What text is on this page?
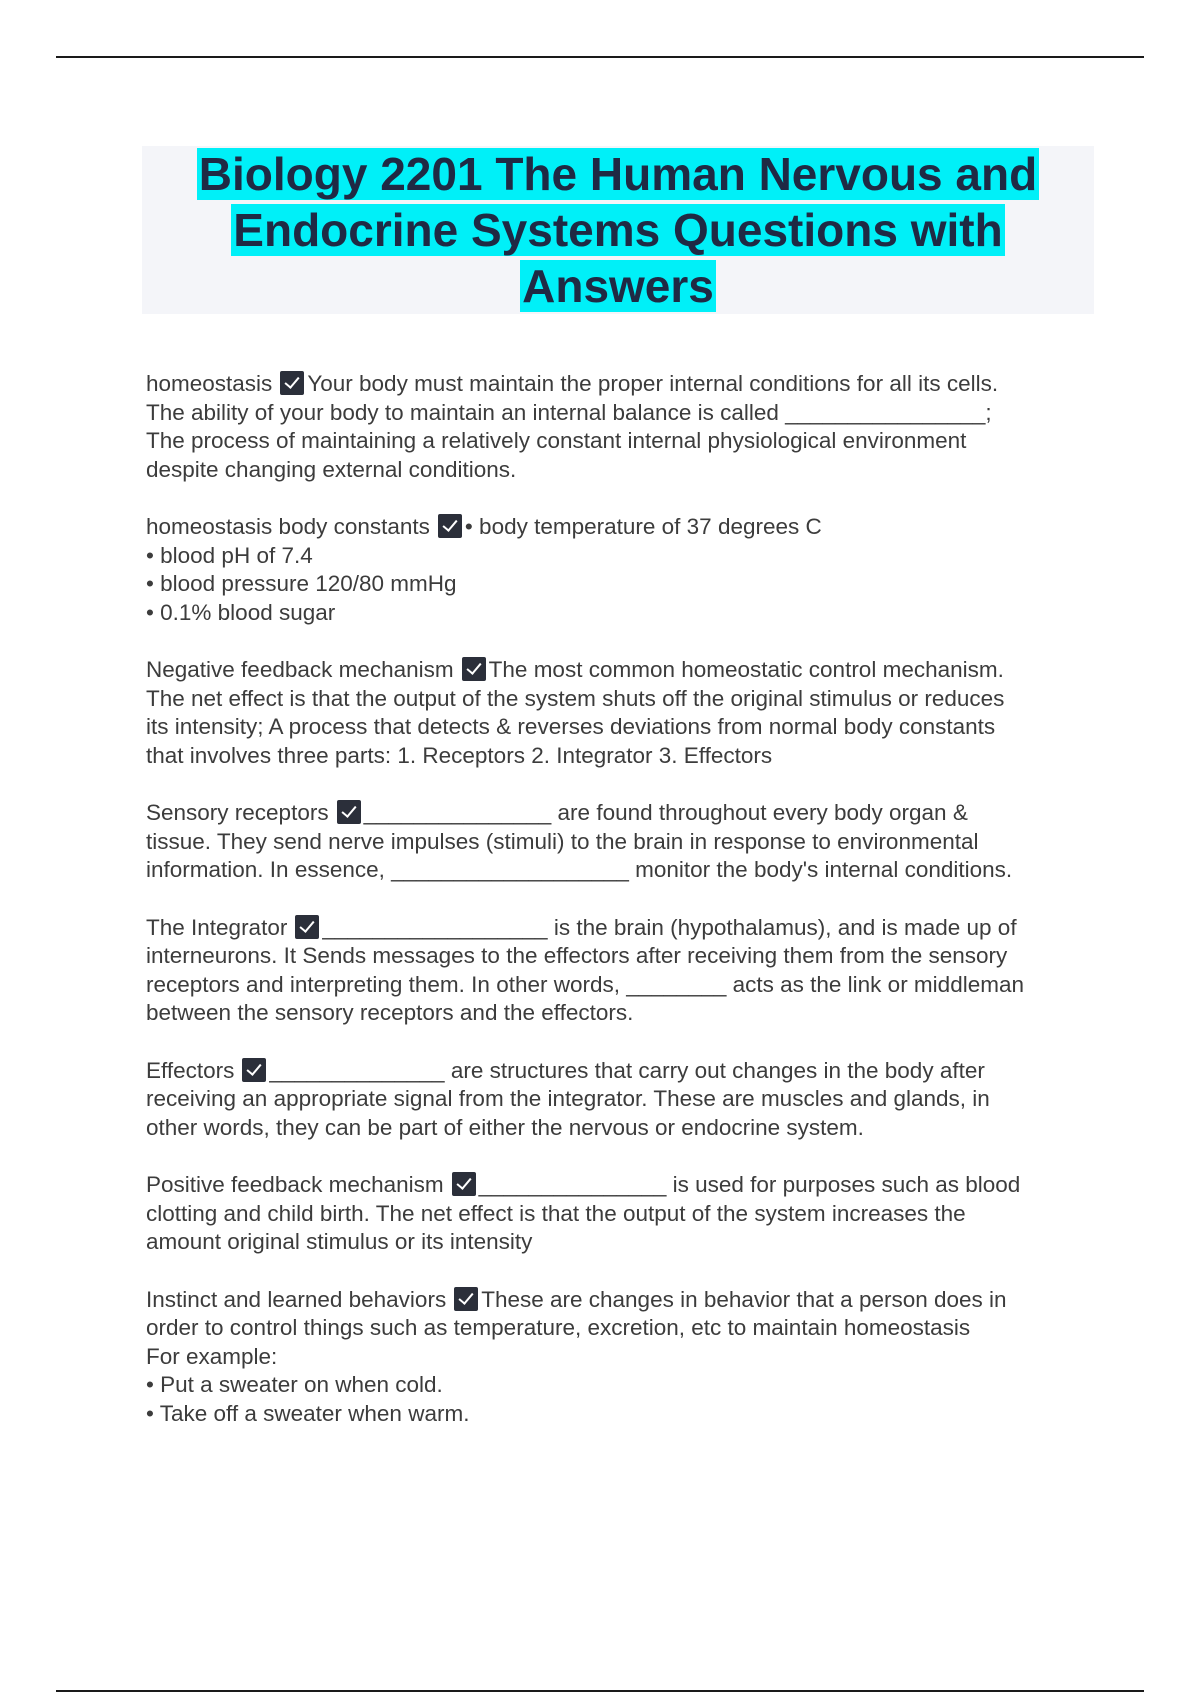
Biology 2201 The Human Nervous and Endocrine Systems Questions with Answers
homeostasis Your body must maintain the proper internal conditions for all its cells.
The ability of your body to maintain an internal balance is called ________________;
The process of maintaining a relatively constant internal physiological environment
despite changing external conditions.
homeostasis body constants • body temperature of 37 degrees C
• blood pH of 7.4
• blood pressure 120/80 mmHg
• 0.1% blood sugar
Negative feedback mechanism The most common homeostatic control mechanism.
The net effect is that the output of the system shuts off the original stimulus or reduces
its intensity; A process that detects & reverses deviations from normal body constants
that involves three parts: 1. Receptors 2. Integrator 3. Effectors
Sensory receptors _______________ are found throughout every body organ &
tissue. They send nerve impulses (stimuli) to the brain in response to environmental
information. In essence, ___________________ monitor the body's internal conditions.
The Integrator __________________ is the brain (hypothalamus), and is made up of
interneurons. It Sends messages to the effectors after receiving them from the sensory
receptors and interpreting them. In other words, ________ acts as the link or middleman
between the sensory receptors and the effectors.
Effectors ______________ are structures that carry out changes in the body after
receiving an appropriate signal from the integrator. These are muscles and glands, in
other words, they can be part of either the nervous or endocrine system.
Positive feedback mechanism _______________ is used for purposes such as blood
clotting and child birth. The net effect is that the output of the system increases the
amount original stimulus or its intensity
Instinct and learned behaviors These are changes in behavior that a person does in
order to control things such as temperature, excretion, etc to maintain homeostasis
For example:
• Put a sweater on when cold.
• Take off a sweater when warm.
